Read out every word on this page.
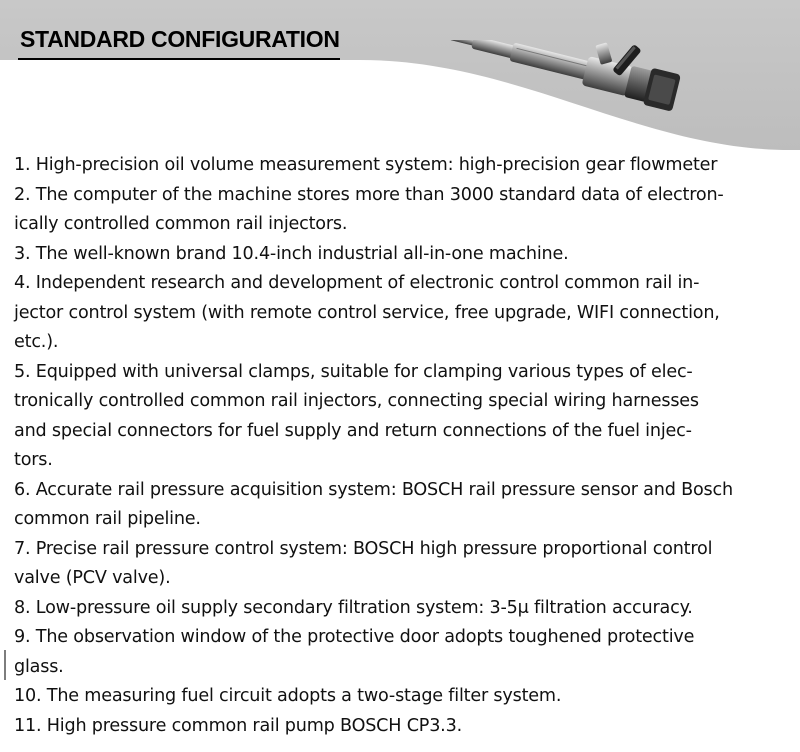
STANDARD CONFIGURATION
1. High-precision oil volume measurement system: high-precision gear flowmeter
2. The computer of the machine stores more than 3000 standard data of electron-
ically controlled common rail injectors.
3. The well-known brand 10.4-inch industrial all-in-one machine.
4. Independent research and development of electronic control common rail in-
jector control system (with remote control service, free upgrade, WIFI connection,
etc.).
5. Equipped with universal clamps, suitable for clamping various types of elec-
tronically controlled common rail injectors, connecting special wiring harnesses
and special connectors for fuel supply and return connections of the fuel injec-
tors.
6. Accurate rail pressure acquisition system: BOSCH rail pressure sensor and Bosch
common rail pipeline.
7. Precise rail pressure control system: BOSCH high pressure proportional control
valve (PCV valve).
8. Low-pressure oil supply secondary filtration system: 3-5μ filtration accuracy.
9. The observation window of the protective door adopts toughened protective
glass.
10. The measuring fuel circuit adopts a two-stage filter system.
11. High pressure common rail pump BOSCH CP3.3.
